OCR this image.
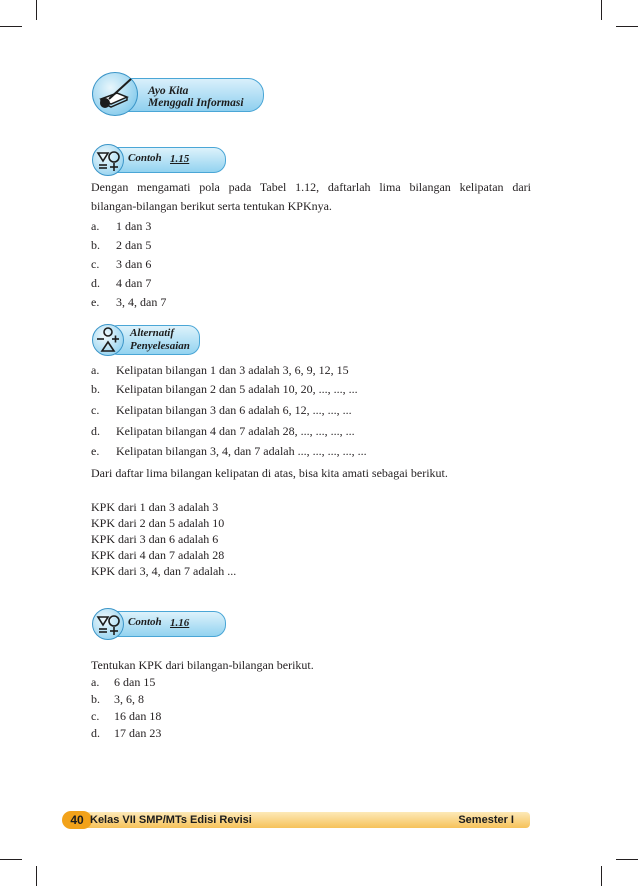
Ayo Kita
Menggali Informasi
Contoh 1.15
Dengan mengamati pola pada Tabel 1.12, daftarlah lima bilangan kelipatan dari
bilangan-bilangan berikut serta tentukan KPKnya.
a. 1 dan 3
b. 2 dan 5
c. 3 dan 6
d. 4 dan 7
e. 3, 4, dan 7
Alternatif
Penyelesaian
a. Kelipatan bilangan 1 dan 3 adalah 3, 6, 9, 12, 15
b. Kelipatan bilangan 2 dan 5 adalah 10, 20, ..., ..., ...
c. Kelipatan bilangan 3 dan 6 adalah 6, 12, ..., ..., ...
d. Kelipatan bilangan 4 dan 7 adalah 28, ..., ..., ..., ...
e. Kelipatan bilangan 3, 4, dan 7 adalah ..., ..., ..., ..., ...
Dari daftar lima bilangan kelipatan di atas, bisa kita amati sebagai berikut.
KPK dari 1 dan 3 adalah 3
KPK dari 2 dan 5 adalah 10
KPK dari 3 dan 6 adalah 6
KPK dari 4 dan 7 adalah 28
KPK dari 3, 4, dan 7 adalah ...
Contoh 1.16
Tentukan KPK dari bilangan-bilangan berikut.
a. 6 dan 15
b. 3, 6, 8
c. 16 dan 18
d. 17 dan 23
40 Kelas VII SMP/MTs Edisi Revisi	Semester I
